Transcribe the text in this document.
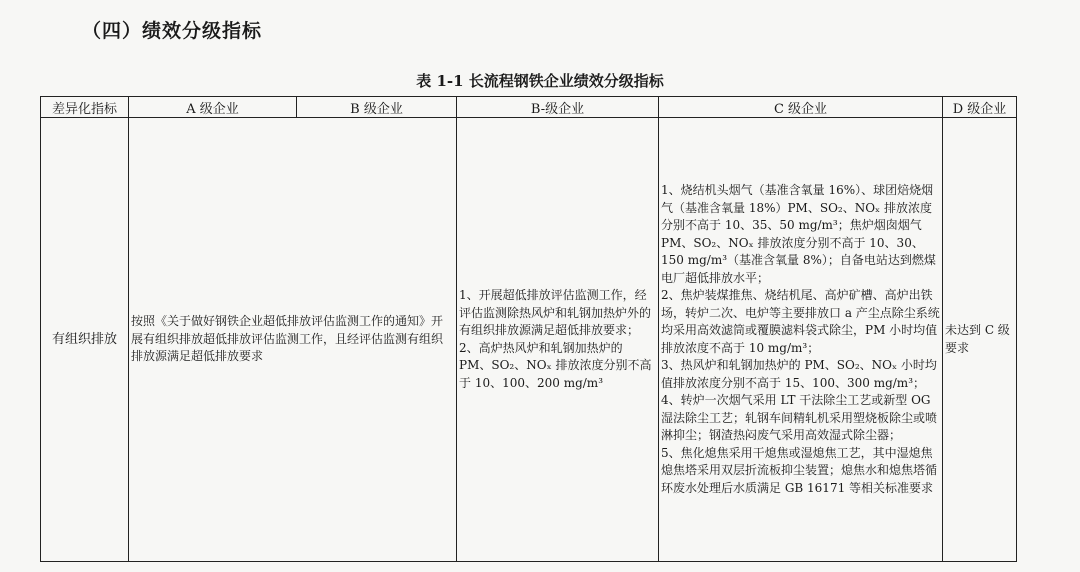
（四）绩效分级指标
表 1-1 长流程钢铁企业绩效分级指标
差异化指标	A 级企业	B 级企业	B-级企业	C 级企业	D 级企业
有组织排放	按照《关于做好钢铁企业超低排放评估监测工作的通知》开展有组织排放超低排放评估监测工作，且经评估监测有组织排放源满足超低排放要求		1、开展超低排放评估监测工作，经评估监测除热风炉和轧钢加热炉外的有组织排放源满足超低排放要求；
2、高炉热风炉和轧钢加热炉的 PM、SO₂、NOₓ 排放浓度分别不高于 10、100、200 mg/m³	1、烧结机头烟气（基准含氧量 16%）、球团焙烧烟气（基准含氧量 18%）PM、SO₂、NOₓ 排放浓度分别不高于 10、35、50 mg/m³；焦炉烟囱烟气 PM、SO₂、NOₓ 排放浓度分别不高于 10、30、150 mg/m³（基准含氧量 8%）；自备电站达到燃煤电厂超低排放水平；
2、焦炉装煤推焦、烧结机尾、高炉矿槽、高炉出铁场，转炉二次、电炉等主要排放口 a 产尘点除尘系统均采用高效滤筒或覆膜滤料袋式除尘，PM 小时均值排放浓度不高于 10 mg/m³；
3、热风炉和轧钢加热炉的 PM、SO₂、NOₓ 小时均值排放浓度分别不高于 15、100、300 mg/m³；
4、转炉一次烟气采用 LT 干法除尘工艺或新型 OG 湿法除尘工艺；轧钢车间精轧机采用塑烧板除尘或喷淋抑尘；钢渣热闷废气采用高效湿式除尘器；
5、焦化熄焦采用干熄焦或湿熄焦工艺，其中湿熄焦熄焦塔采用双层折流板抑尘装置；熄焦水和熄焦塔循环废水处理后水质满足 GB 16171 等相关标准要求	未达到 C 级要求
